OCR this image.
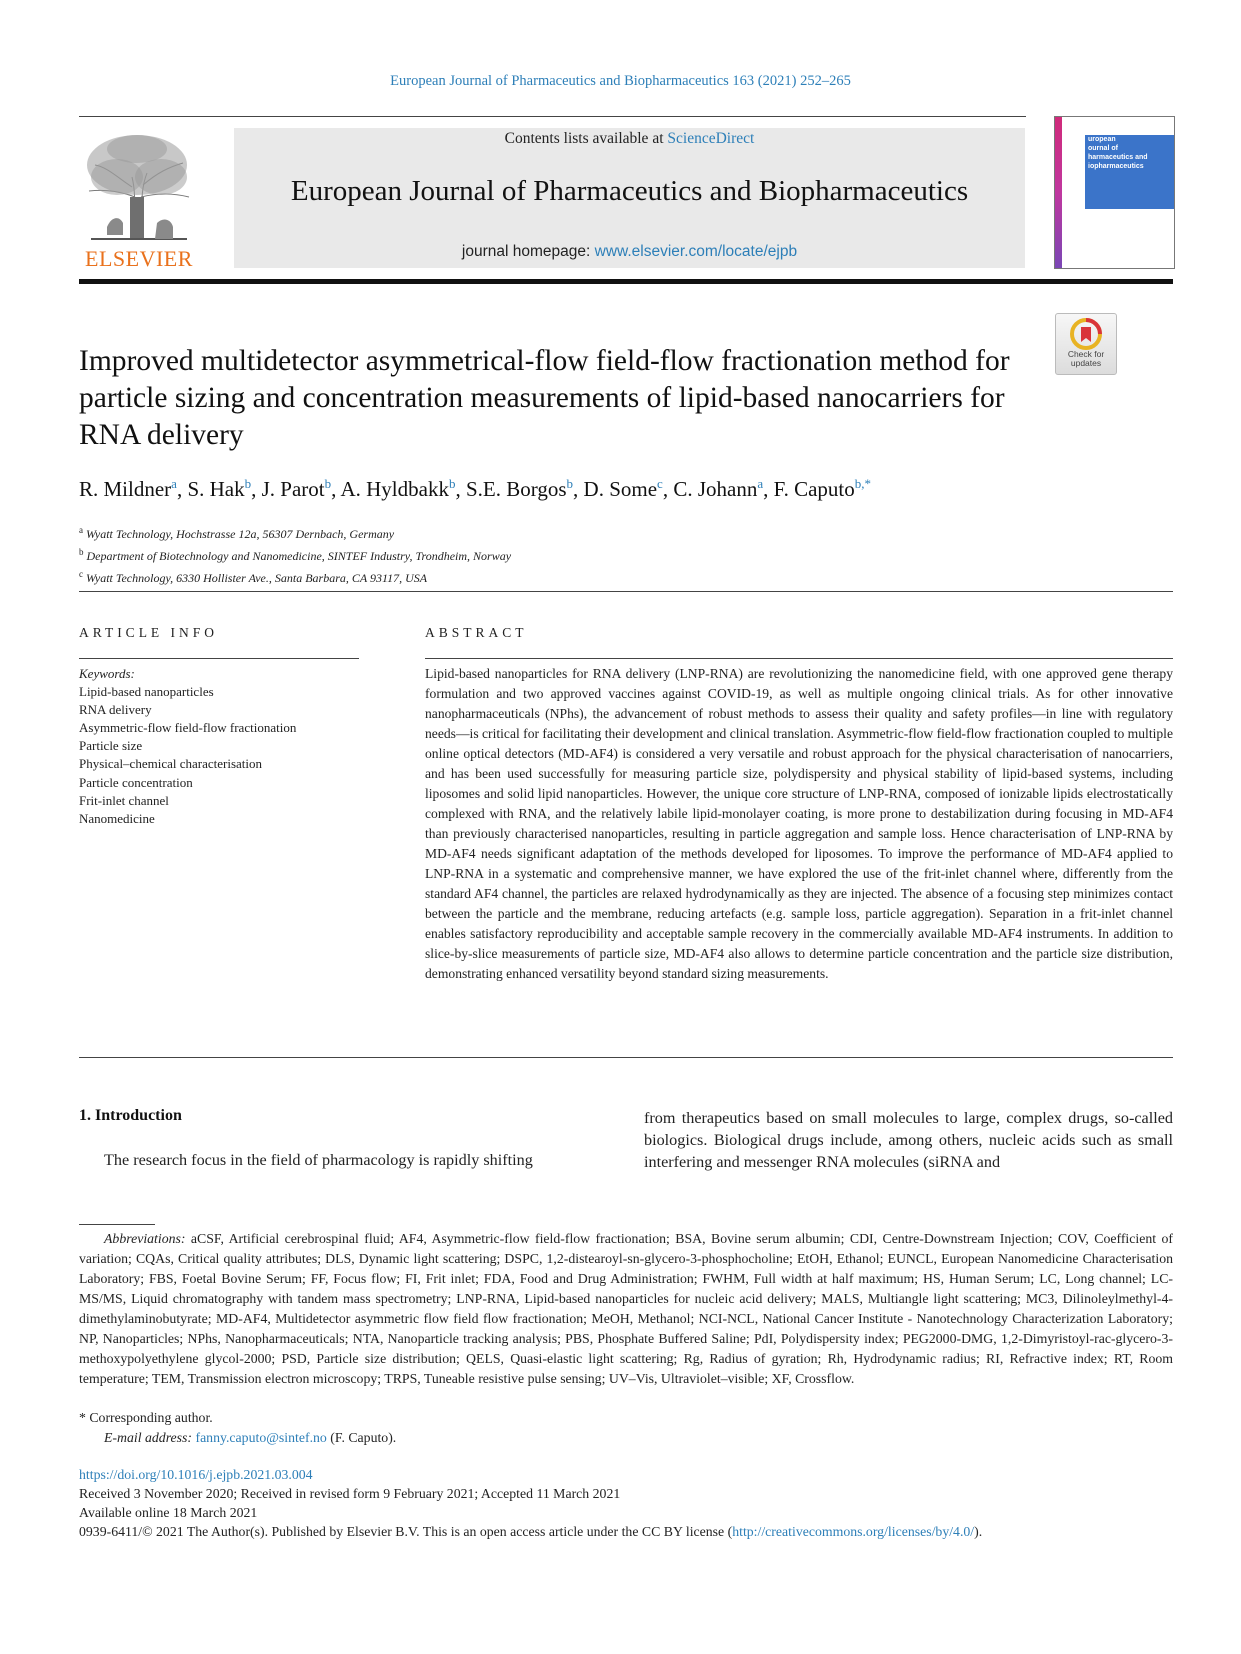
European Journal of Pharmaceutics and Biopharmaceutics 163 (2021) 252–265
ELSEVIER
Contents lists available at ScienceDirect
European Journal of Pharmaceutics and Biopharmaceutics
journal homepage: www.elsevier.com/locate/ejpb
uropean
ournal of
harmaceutics and
iopharmaceutics
Check for updates
Improved multidetector asymmetrical-flow field-flow fractionation method for particle sizing and concentration measurements of lipid-based nanocarriers for RNA delivery
R. Mildner$^a$, S. Hak$^b$, J. Parot$^b$, A. Hyldbakk$^b$, S.E. Borgos$^b$, D. Some$^c$, C. Johann$^a$, F. Caputo$^{b,*}$
$^a$ Wyatt Technology, Hochstrasse 12a, 56307 Dernbach, Germany
$^b$ Department of Biotechnology and Nanomedicine, SINTEF Industry, Trondheim, Norway
$^c$ Wyatt Technology, 6330 Hollister Ave., Santa Barbara, CA 93117, USA
ARTICLE INFO	ABSTRACT
Keywords:
Lipid-based nanoparticles
RNA delivery
Asymmetric-flow field-flow fractionation
Particle size
Physical–chemical characterisation
Particle concentration
Frit-inlet channel
Nanomedicine
Lipid-based nanoparticles for RNA delivery (LNP-RNA) are revolutionizing the nanomedicine field, with one approved gene therapy formulation and two approved vaccines against COVID-19, as well as multiple ongoing clinical trials. As for other innovative nanopharmaceuticals (NPhs), the advancement of robust methods to assess their quality and safety profiles—in line with regulatory needs—is critical for facilitating their development and clinical translation. Asymmetric-flow field-flow fractionation coupled to multiple online optical detectors (MD-AF4) is considered a very versatile and robust approach for the physical characterisation of nanocarriers, and has been used successfully for measuring particle size, polydispersity and physical stability of lipid-based systems, including liposomes and solid lipid nanoparticles. However, the unique core structure of LNP-RNA, composed of ionizable lipids electrostatically complexed with RNA, and the relatively labile lipid-monolayer coating, is more prone to destabilization during focusing in MD-AF4 than previously characterised nanoparticles, resulting in particle aggregation and sample loss. Hence characterisation of LNP-RNA by MD-AF4 needs significant adaptation of the methods developed for liposomes. To improve the performance of MD-AF4 applied to LNP-RNA in a systematic and comprehensive manner, we have explored the use of the frit-inlet channel where, differently from the standard AF4 channel, the particles are relaxed hydrodynamically as they are injected. The absence of a focusing step minimizes contact between the particle and the membrane, reducing artefacts (e.g. sample loss, particle aggregation). Separation in a frit-inlet channel enables satisfactory reproducibility and acceptable sample recovery in the commercially available MD-AF4 instruments. In addition to slice-by-slice measurements of particle size, MD-AF4 also allows to determine particle concentration and the particle size distribution, demonstrating enhanced versatility beyond standard sizing measurements.
1. Introduction
The research focus in the field of pharmacology is rapidly shifting
from therapeutics based on small molecules to large, complex drugs, so-called biologics. Biological drugs include, among others, nucleic acids such as small interfering and messenger RNA molecules (siRNA and
Abbreviations: aCSF, Artificial cerebrospinal fluid; AF4, Asymmetric-flow field-flow fractionation; BSA, Bovine serum albumin; CDI, Centre-Downstream Injection; COV, Coefficient of variation; CQAs, Critical quality attributes; DLS, Dynamic light scattering; DSPC, 1,2-distearoyl-sn-glycero-3-phosphocholine; EtOH, Ethanol; EUNCL, European Nanomedicine Characterisation Laboratory; FBS, Foetal Bovine Serum; FF, Focus flow; FI, Frit inlet; FDA, Food and Drug Administration; FWHM, Full width at half maximum; HS, Human Serum; LC, Long channel; LC-MS/MS, Liquid chromatography with tandem mass spectrometry; LNP-RNA, Lipid-based nanoparticles for nucleic acid delivery; MALS, Multiangle light scattering; MC3, Dilinoleylmethyl-4-dimethylaminobutyrate; MD-AF4, Multidetector asymmetric flow field flow fractionation; MeOH, Methanol; NCI-NCL, National Cancer Institute - Nanotechnology Characterization Laboratory; NP, Nanoparticles; NPhs, Nanopharmaceuticals; NTA, Nanoparticle tracking analysis; PBS, Phosphate Buffered Saline; PdI, Polydispersity index; PEG2000-DMG, 1,2-Dimyristoyl-rac-glycero-3-methoxypolyethylene glycol-2000; PSD, Particle size distribution; QELS, Quasi-elastic light scattering; Rg, Radius of gyration; Rh, Hydrodynamic radius; RI, Refractive index; RT, Room temperature; TEM, Transmission electron microscopy; TRPS, Tuneable resistive pulse sensing; UV–Vis, Ultraviolet–visible; XF, Crossflow.
* Corresponding author.
E-mail address: fanny.caputo@sintef.no (F. Caputo).
https://doi.org/10.1016/j.ejpb.2021.03.004
Received 3 November 2020; Received in revised form 9 February 2021; Accepted 11 March 2021
Available online 18 March 2021
0939-6411/© 2021 The Author(s). Published by Elsevier B.V. This is an open access article under the CC BY license (http://creativecommons.org/licenses/by/4.0/).
